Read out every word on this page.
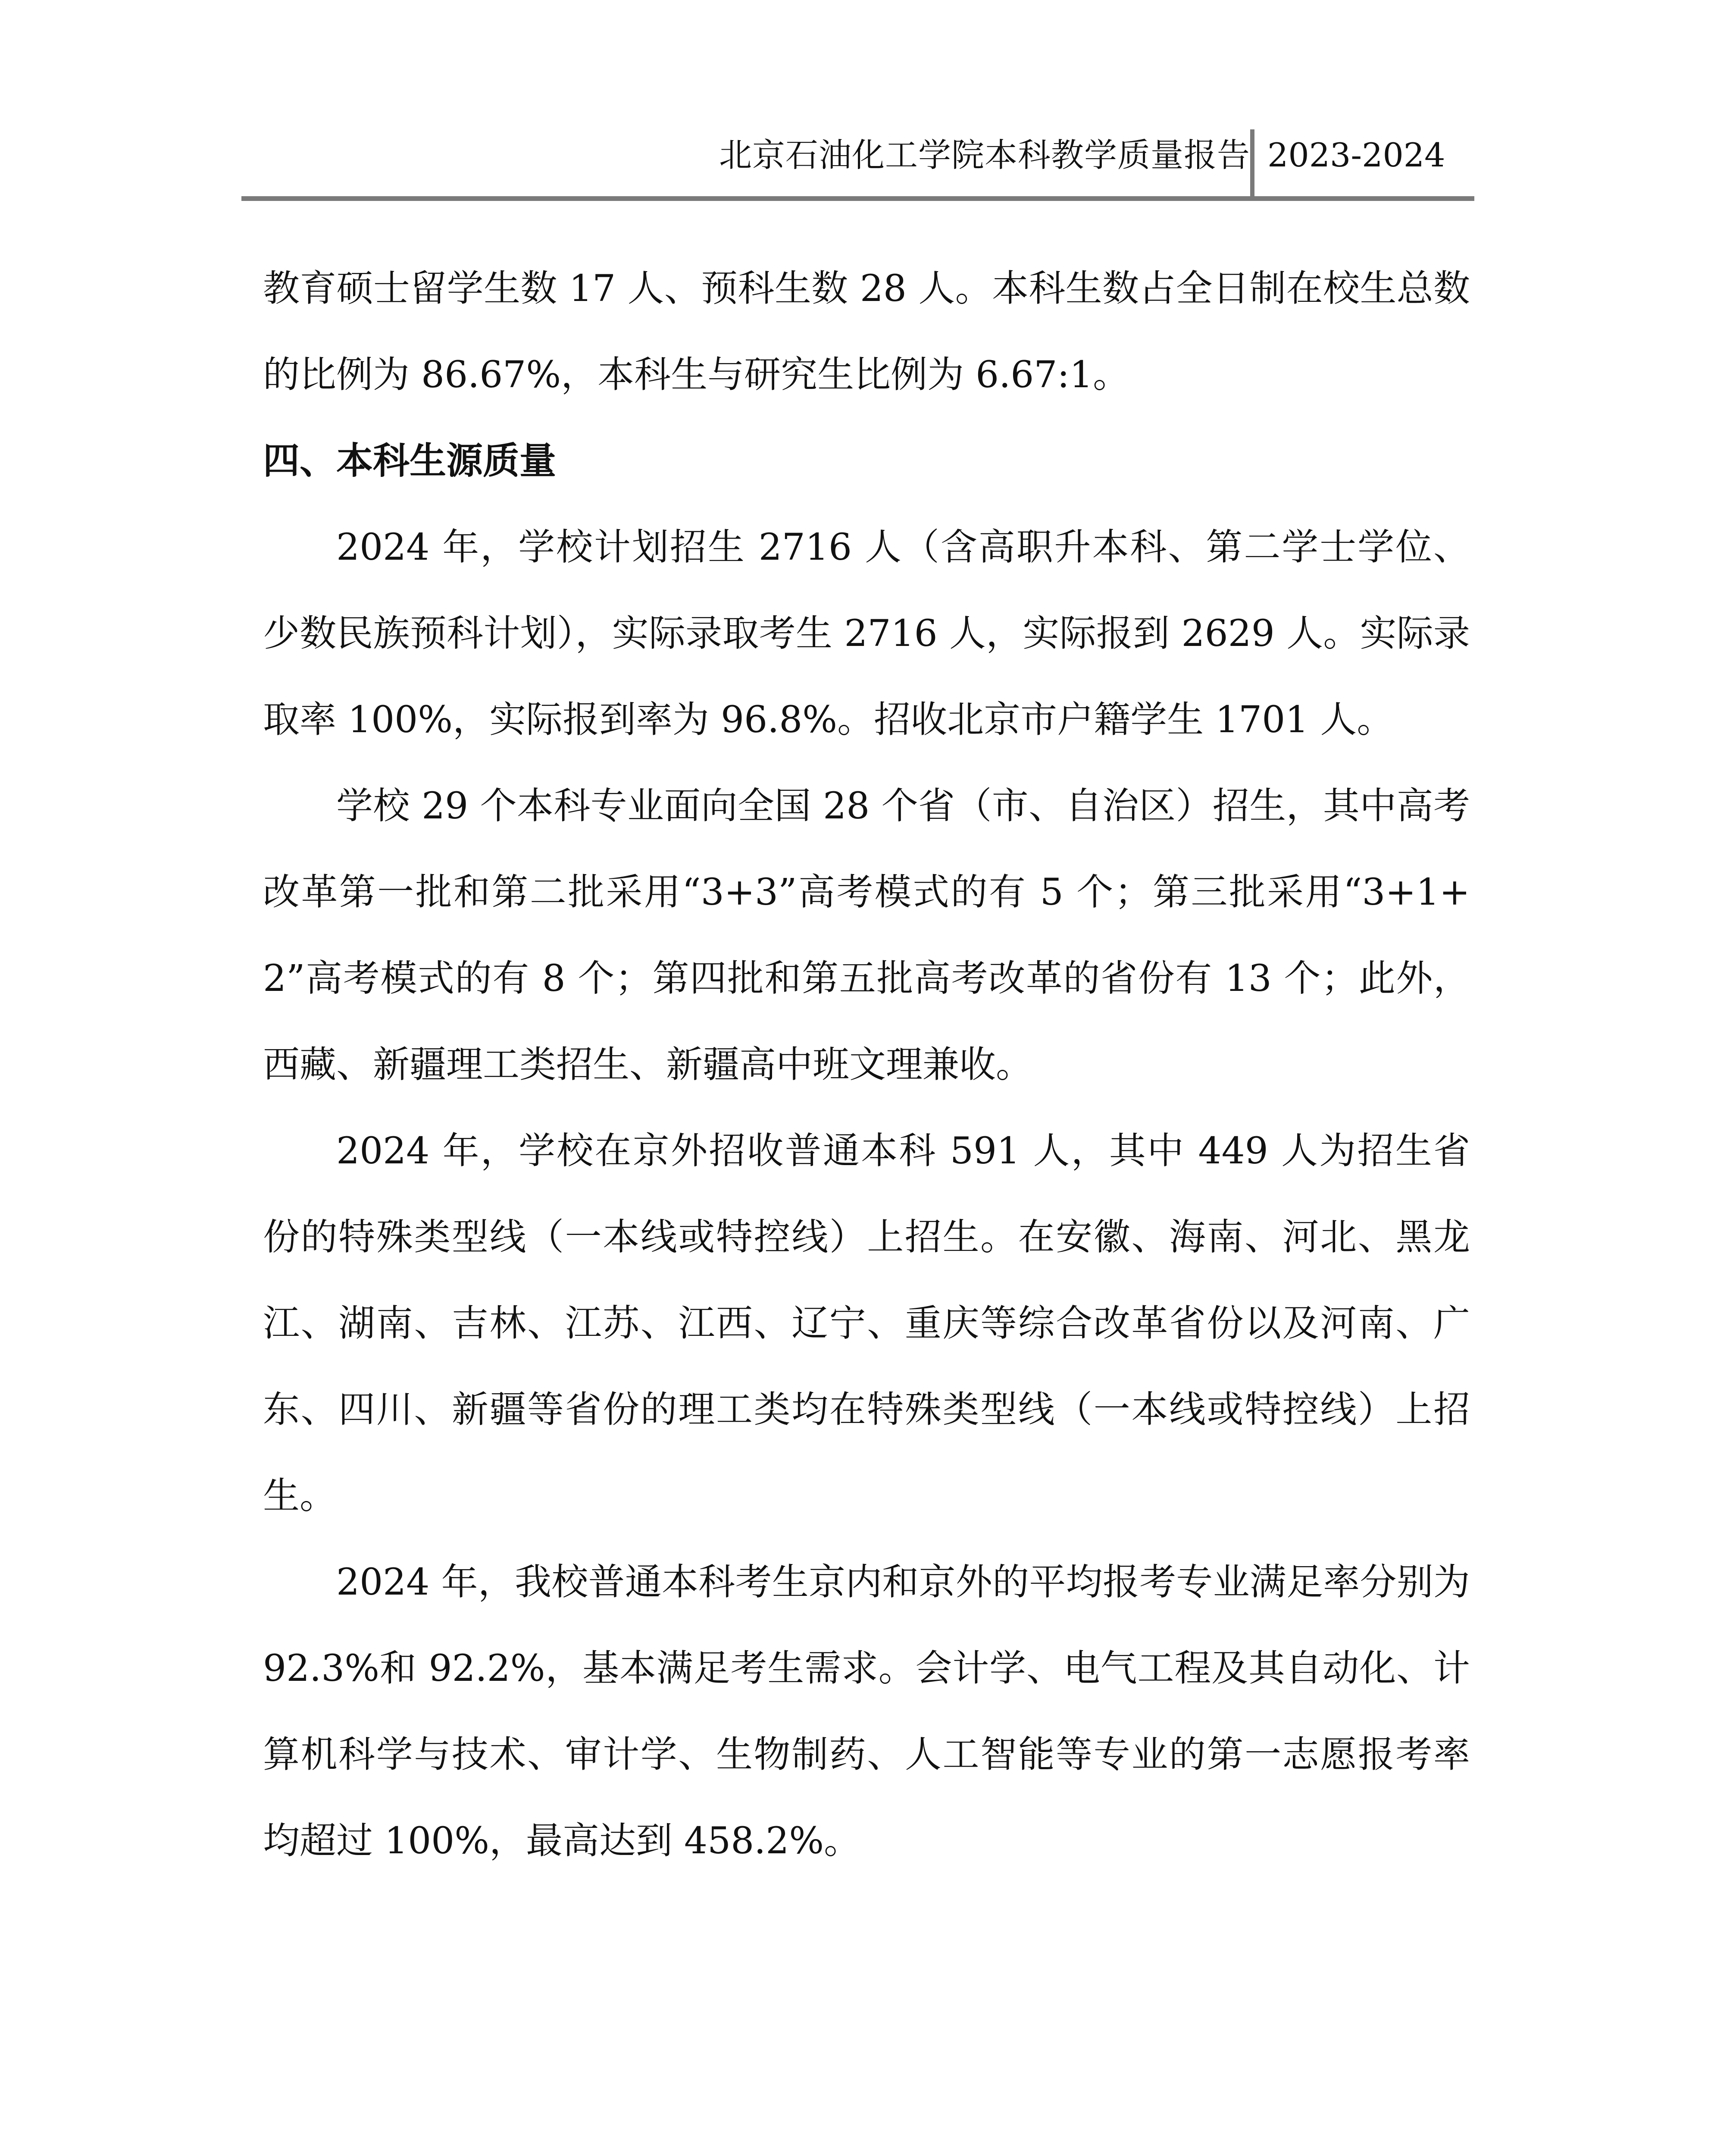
北京石油化工学院本科教学质量报告 2023-2024

教育硕士留学生数 17 人、预科生数 28 人。本科生数占全日制在校生总数的比例为 86.67%，本科生与研究生比例为 6.67:1。

四、本科生源质量

2024 年，学校计划招生 2716 人（含高职升本科、第二学士学位、少数民族预科计划），实际录取考生 2716 人，实际报到 2629 人。实际录取率 100%，实际报到率为 96.8%。招收北京市户籍学生 1701 人。

学校 29 个本科专业面向全国 28 个省（市、自治区）招生，其中高考改革第一批和第二批采用“3+3”高考模式的有 5 个；第三批采用“3+1+2”高考模式的有 8 个；第四批和第五批高考改革的省份有 13 个；此外，西藏、新疆理工类招生、新疆高中班文理兼收。

2024 年，学校在京外招收普通本科 591 人，其中 449 人为招生省份的特殊类型线（一本线或特控线）上招生。在安徽、海南、河北、黑龙江、湖南、吉林、江苏、江西、辽宁、重庆等综合改革省份以及河南、广东、四川、新疆等省份的理工类均在特殊类型线（一本线或特控线）上招生。

2024 年，我校普通本科考生京内和京外的平均报考专业满足率分别为 92.3%和 92.2%，基本满足考生需求。会计学、电气工程及其自动化、计算机科学与技术、审计学、生物制药、人工智能等专业的第一志愿报考率均超过 100%，最高达到 458.2%。
